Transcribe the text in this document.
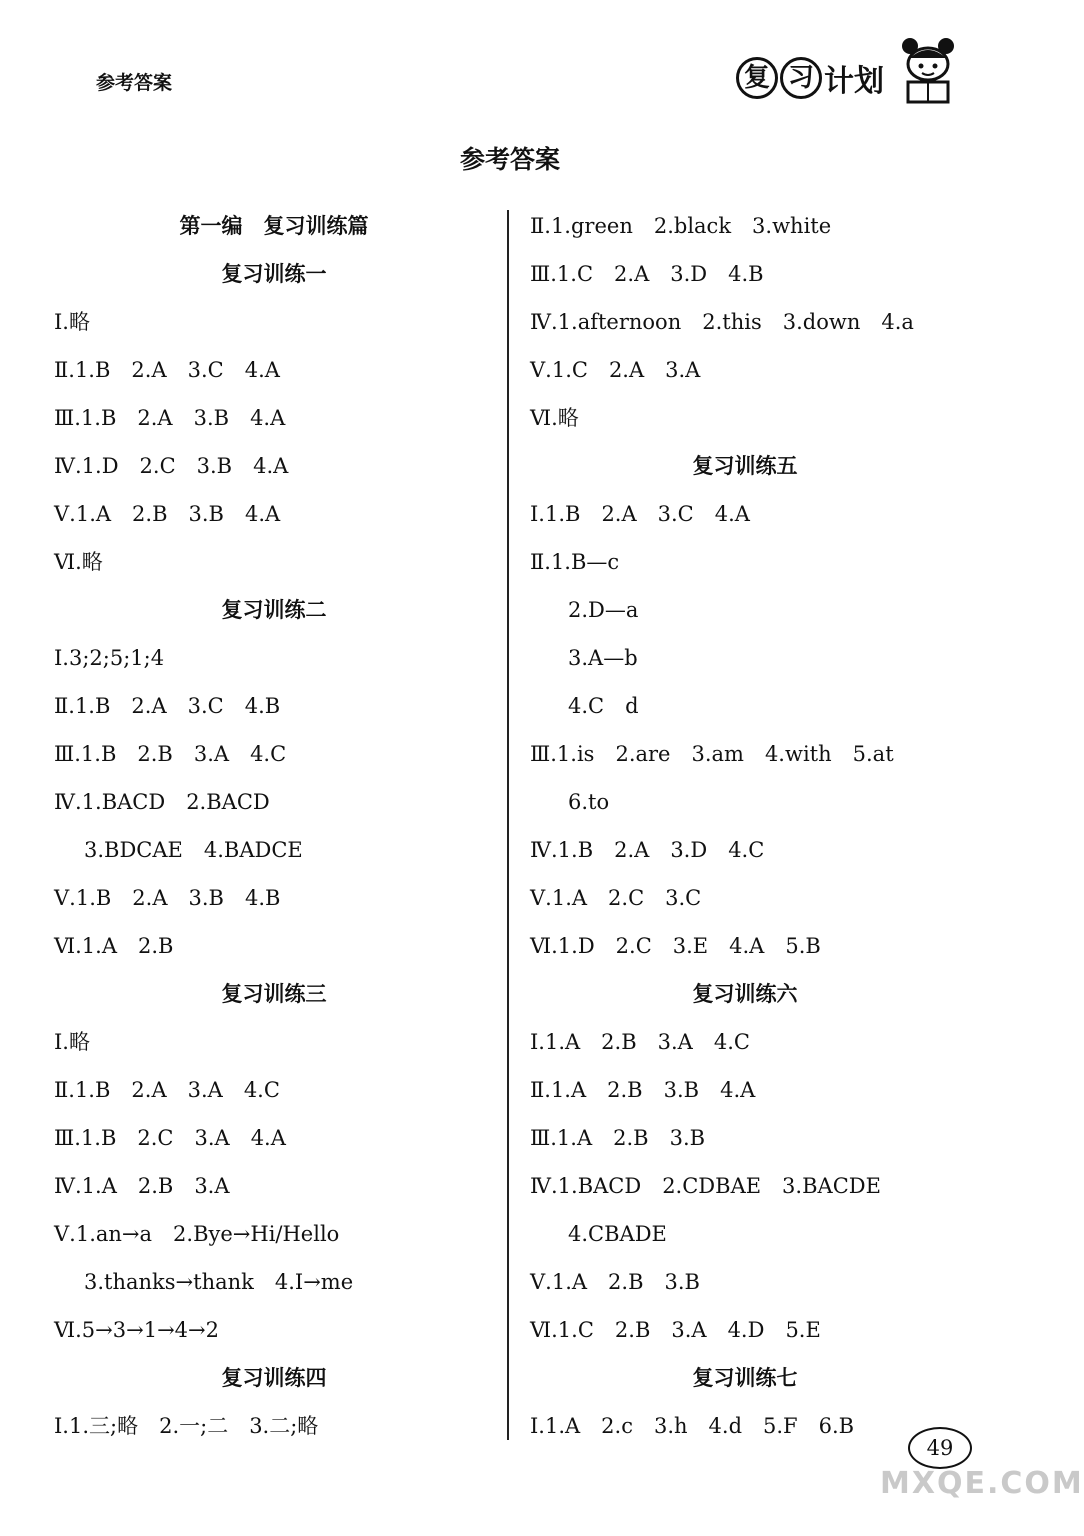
参考答案	复 习 计划
参考答案
第一编　复习训练篇
复习训练一
Ⅰ.略
Ⅱ.1.B　2.A　3.C　4.A
Ⅲ.1.B　2.A　3.B　4.A
Ⅳ.1.D　2.C　3.B　4.A
Ⅴ.1.A　2.B　3.B　4.A
Ⅵ.略
复习训练二
Ⅰ.3;2;5;1;4
Ⅱ.1.B　2.A　3.C　4.B
Ⅲ.1.B　2.B　3.A　4.C
Ⅳ.1.BACD　2.BACD
3.BDCAE　4.BADCE
Ⅴ.1.B　2.A　3.B　4.B
Ⅵ.1.A　2.B
复习训练三
Ⅰ.略
Ⅱ.1.B　2.A　3.A　4.C
Ⅲ.1.B　2.C　3.A　4.A
Ⅳ.1.A　2.B　3.A
Ⅴ.1.an→a　2.Bye→Hi/Hello
3.thanks→thank　4.I→me
Ⅵ.5→3→1→4→2
复习训练四
Ⅰ.1.三;略　2.一;二　3.二;略
Ⅱ.1.green　2.black　3.white
Ⅲ.1.C　2.A　3.D　4.B
Ⅳ.1.afternoon　2.this　3.down　4.a
Ⅴ.1.C　2.A　3.A
Ⅵ.略
复习训练五
Ⅰ.1.B　2.A　3.C　4.A
Ⅱ.1.B—c
2.D—a
3.A—b
4.C　d
Ⅲ.1.is　2.are　3.am　4.with　5.at
6.to
Ⅳ.1.B　2.A　3.D　4.C
Ⅴ.1.A　2.C　3.C
Ⅵ.1.D　2.C　3.E　4.A　5.B
复习训练六
Ⅰ.1.A　2.B　3.A　4.C
Ⅱ.1.A　2.B　3.B　4.A
Ⅲ.1.A　2.B　3.B
Ⅳ.1.BACD　2.CDBAE　3.BACDE
4.CBADE
Ⅴ.1.A　2.B　3.B
Ⅵ.1.C　2.B　3.A　4.D　5.E
复习训练七
Ⅰ.1.A　2.c　3.h　4.d　5.F　6.B
49
MXQE.COM
